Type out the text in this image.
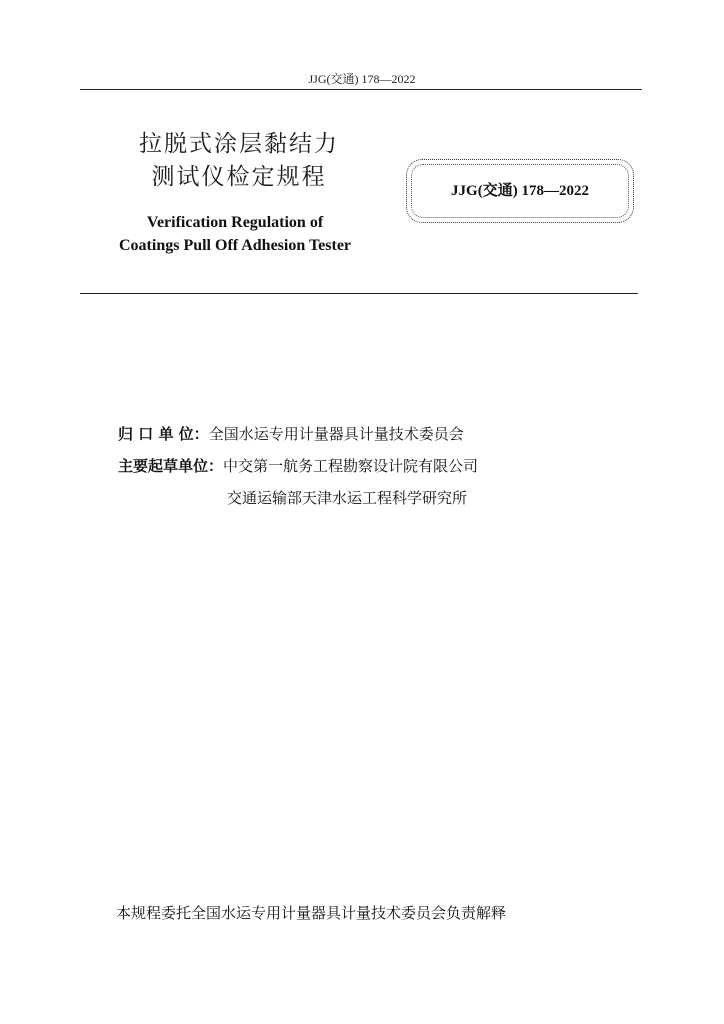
JJG(交通) 178—2022
拉脱式涂层黏结力
测试仪检定规程
Verification Regulation of
Coatings Pull Off Adhesion Tester
JJG(交通) 178—2022
归 口 单 位：全国水运专用计量器具计量技术委员会
主要起草单位：中交第一航务工程勘察设计院有限公司
交通运输部天津水运工程科学研究所
本规程委托全国水运专用计量器具计量技术委员会负责解释
